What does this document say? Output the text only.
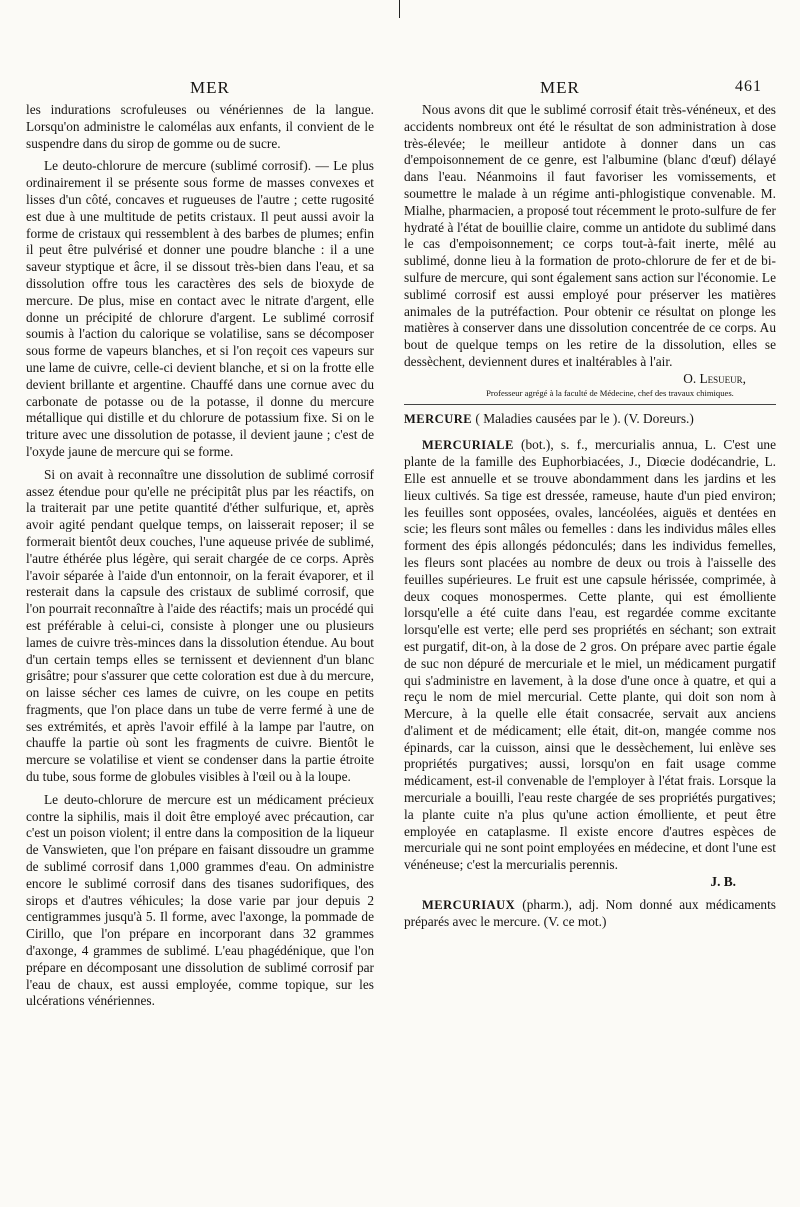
MER	MER	461

les indurations scrofuleuses ou vénériennes de la langue. Lorsqu'on administre le calomélas aux enfants, il convient de le suspendre dans du sirop de gomme ou de sucre.

Le deuto-chlorure de mercure (sublimé corrosif). — Le plus ordinairement il se présente sous forme de masses convexes et lisses d'un côté, concaves et rugueuses de l'autre ; cette rugosité est due à une multitude de petits cristaux. Il peut aussi avoir la forme de cristaux qui ressemblent à des barbes de plumes; enfin il peut être pulvérisé et donner une poudre blanche : il a une saveur styptique et âcre, il se dissout très-bien dans l'eau, et sa dissolution offre tous les caractères des sels de bioxyde de mercure. De plus, mise en contact avec le nitrate d'argent, elle donne un précipité de chlorure d'argent. Le sublimé corrosif soumis à l'action du calorique se volatilise, sans se décomposer sous forme de vapeurs blanches, et si l'on reçoit ces vapeurs sur une lame de cuivre, celle-ci devient blanche, et si on la frotte elle devient brillante et argentine. Chauffé dans une cornue avec du carbonate de potasse ou de la potasse, il donne du mercure métallique qui distille et du chlorure de potassium fixe. Si on le triture avec une dissolution de potasse, il devient jaune ; c'est de l'oxyde jaune de mercure qui se forme.

Si on avait à reconnaître une dissolution de sublimé corrosif assez étendue pour qu'elle ne précipitât plus par les réactifs, on la traiterait par une petite quantité d'éther sulfurique, et, après avoir agité pendant quelque temps, on laisserait reposer; il se formerait bientôt deux couches, l'une aqueuse privée de sublimé, l'autre éthérée plus légère, qui serait chargée de ce corps. Après l'avoir séparée à l'aide d'un entonnoir, on la ferait évaporer, et il resterait dans la capsule des cristaux de sublimé corrosif, que l'on pourrait reconnaître à l'aide des réactifs; mais un procédé qui est préférable à celui-ci, consiste à plonger une ou plusieurs lames de cuivre très-minces dans la dissolution étendue. Au bout d'un certain temps elles se ternissent et deviennent d'un blanc grisâtre; pour s'assurer que cette coloration est due à du mercure, on laisse sécher ces lames de cuivre, on les coupe en petits fragments, que l'on place dans un tube de verre fermé à une de ses extrémités, et après l'avoir effilé à la lampe par l'autre, on chauffe la partie où sont les fragments de cuivre. Bientôt le mercure se volatilise et vient se condenser dans la partie étroite du tube, sous forme de globules visibles à l'œil ou à la loupe.

Le deuto-chlorure de mercure est un médicament précieux contre la siphilis, mais il doit être employé avec précaution, car c'est un poison violent; il entre dans la composition de la liqueur de Vanswieten, que l'on prépare en faisant dissoudre un gramme de sublimé corrosif dans 1,000 grammes d'eau. On administre encore le sublimé corrosif dans des tisanes sudorifiques, des sirops et d'autres véhicules; la dose varie par jour depuis 2 centigrammes jusqu'à 5. Il forme, avec l'axonge, la pommade de Cirillo, que l'on prépare en incorporant dans 32 grammes d'axonge, 4 grammes de sublimé. L'eau phagédénique, que l'on prépare en décomposant une dissolution de sublimé corrosif par l'eau de chaux, est aussi employée, comme topique, sur les ulcérations vénériennes.

Nous avons dit que le sublimé corrosif était très-vénéneux, et des accidents nombreux ont été le résultat de son administration à dose très-élevée; le meilleur antidote à donner dans un cas d'empoisonnement de ce genre, est l'albumine (blanc d'œuf) délayé dans l'eau. Néanmoins il faut favoriser les vomissements, et soumettre le malade à un régime anti-phlogistique convenable. M. Mialhe, pharmacien, a proposé tout récemment le proto-sulfure de fer hydraté à l'état de bouillie claire, comme un antidote du sublimé dans le cas d'empoisonnement; ce corps tout-à-fait inerte, mêlé au sublimé, donne lieu à la formation de proto-chlorure de fer et de bi-sulfure de mercure, qui sont également sans action sur l'économie. Le sublimé corrosif est aussi employé pour préserver les matières animales de la putréfaction. Pour obtenir ce résultat on plonge les matières à conserver dans une dissolution concentrée de ce corps. Au bout de quelque temps on les retire de la dissolution, elles se dessèchent, deviennent dures et inaltérables à l'air.

O. Lesueur,

Professeur agrégé à la faculté de Médecine, chef des travaux chimiques.

MERCURE ( Maladies causées par le ). (V. Doreurs.)

MERCURIALE (bot.), s. f., mercurialis annua, L. C'est une plante de la famille des Euphorbiacées, J., Diœcie dodécandrie, L. Elle est annuelle et se trouve abondamment dans les jardins et les lieux cultivés. Sa tige est dressée, rameuse, haute d'un pied environ; les feuilles sont opposées, ovales, lancéolées, aiguës et dentées en scie; les fleurs sont mâles ou femelles : dans les individus mâles elles forment des épis allongés pédonculés; dans les individus femelles, les fleurs sont placées au nombre de deux ou trois à l'aisselle des feuilles supérieures. Le fruit est une capsule hérissée, comprimée, à deux coques monospermes. Cette plante, qui est émolliente lorsqu'elle a été cuite dans l'eau, est regardée comme excitante lorsqu'elle est verte; elle perd ses propriétés en séchant; son extrait est purgatif, dit-on, à la dose de 2 gros. On prépare avec partie égale de suc non dépuré de mercuriale et le miel, un médicament purgatif qui s'administre en lavement, à la dose d'une once à quatre, et qui a reçu le nom de miel mercurial. Cette plante, qui doit son nom à Mercure, à la quelle elle était consacrée, servait aux anciens d'aliment et de médicament; elle était, dit-on, mangée comme nos épinards, car la cuisson, ainsi que le dessèchement, lui enlève ses propriétés purgatives; aussi, lorsqu'on en fait usage comme médicament, est-il convenable de l'employer à l'état frais. Lorsque la mercuriale a bouilli, l'eau reste chargée de ses propriétés purgatives; la plante cuite n'a plus qu'une action émolliente, et peut être employée en cataplasme. Il existe encore d'autres espèces de mercuriale qui ne sont point employées en médecine, et dont l'une est vénéneuse; c'est la mercurialis perennis.

J. B.

MERCURIAUX (pharm.), adj. Nom donné aux médicaments préparés avec le mercure. (V. ce mot.)
